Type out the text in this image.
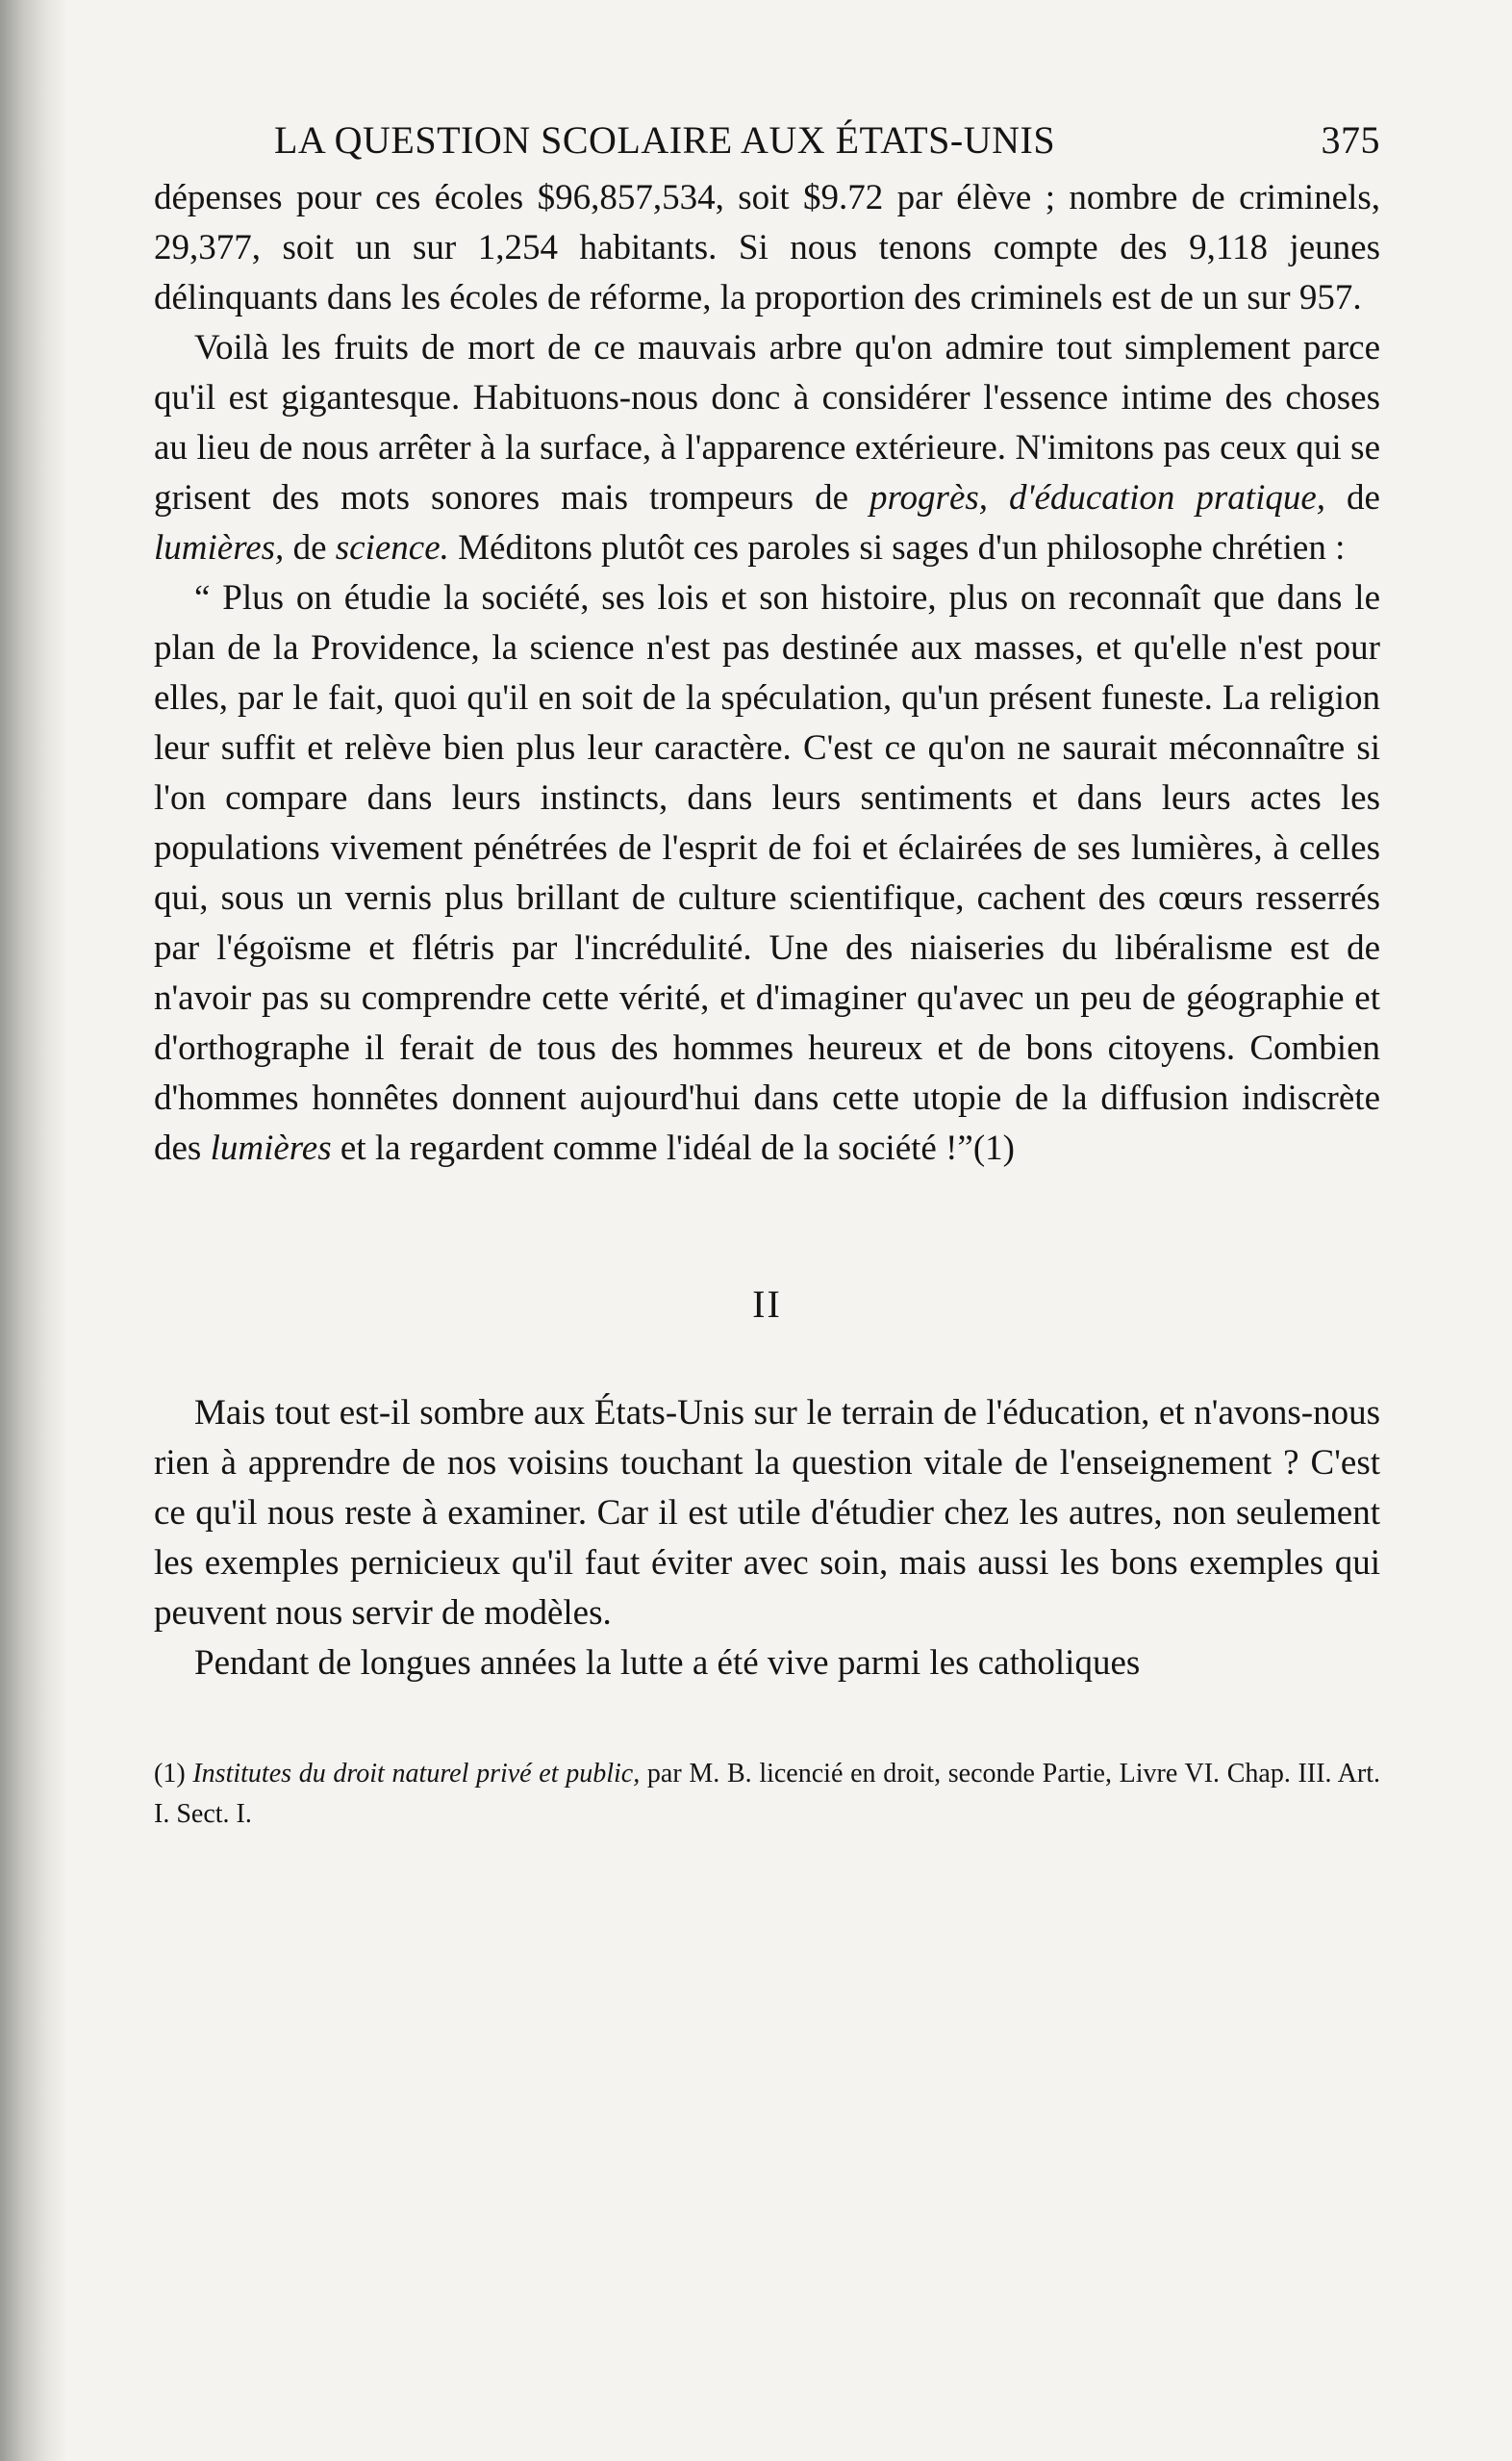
LA QUESTION SCOLAIRE AUX ÉTATS-UNIS	375

dépenses pour ces écoles $96,857,534, soit $9.72 par élève ; nombre de criminels, 29,377, soit un sur 1,254 habitants. Si nous tenons compte des 9,118 jeunes délinquants dans les écoles de réforme, la proportion des criminels est de un sur 957.

Voilà les fruits de mort de ce mauvais arbre qu'on admire tout simplement parce qu'il est gigantesque. Habituons-nous donc à considérer l'essence intime des choses au lieu de nous arrêter à la surface, à l'apparence extérieure. N'imitons pas ceux qui se grisent des mots sonores mais trompeurs de progrès, d'éducation pratique, de lumières, de science. Méditons plutôt ces paroles si sages d'un philosophe chrétien :

“ Plus on étudie la société, ses lois et son histoire, plus on reconnaît que dans le plan de la Providence, la science n'est pas destinée aux masses, et qu'elle n'est pour elles, par le fait, quoi qu'il en soit de la spéculation, qu'un présent funeste. La religion leur suffit et relève bien plus leur caractère. C'est ce qu'on ne saurait méconnaître si l'on compare dans leurs instincts, dans leurs sentiments et dans leurs actes les populations vivement pénétrées de l'esprit de foi et éclairées de ses lumières, à celles qui, sous un vernis plus brillant de culture scientifique, cachent des cœurs resserrés par l'égoïsme et flétris par l'incrédulité. Une des niaiseries du libéralisme est de n'avoir pas su comprendre cette vérité, et d'imaginer qu'avec un peu de géographie et d'orthographe il ferait de tous des hommes heureux et de bons citoyens. Combien d'hommes honnêtes donnent aujourd'hui dans cette utopie de la diffusion indiscrète des lumières et la regardent comme l'idéal de la société !”(1)

II

Mais tout est-il sombre aux États-Unis sur le terrain de l'éducation, et n'avons-nous rien à apprendre de nos voisins touchant la question vitale de l'enseignement ? C'est ce qu'il nous reste à examiner. Car il est utile d'étudier chez les autres, non seulement les exemples pernicieux qu'il faut éviter avec soin, mais aussi les bons exemples qui peuvent nous servir de modèles.

Pendant de longues années la lutte a été vive parmi les catholiques

(1) Institutes du droit naturel privé et public, par M. B. licencié en droit, seconde Partie, Livre VI. Chap. III. Art. I. Sect. I.
